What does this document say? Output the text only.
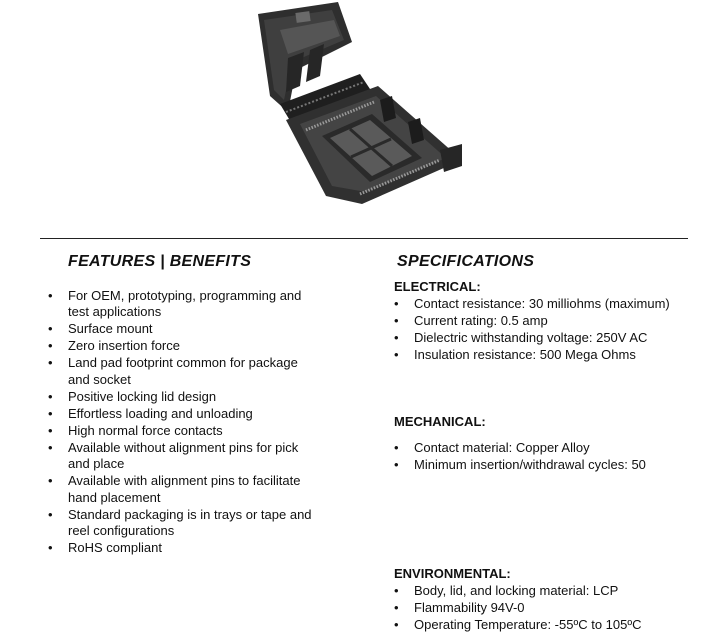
FEATURES | BENEFITS
• For OEM, prototyping, programming and test applications
• Surface mount
• Zero insertion force
• Land pad footprint common for package and socket
• Positive locking lid design
• Effortless loading and unloading
• High normal force contacts
• Available without alignment pins for pick and place
• Available with alignment pins to facilitate hand placement
• Standard packaging is in trays or tape and reel configurations
• RoHS compliant
SPECIFICATIONS
ELECTRICAL:
• Contact resistance: 30 milliohms (maximum)
• Current rating: 0.5 amp
• Dielectric withstanding voltage: 250V AC
• Insulation resistance: 500 Mega Ohms
MECHANICAL:
• Contact material: Copper Alloy
• Minimum insertion/withdrawal cycles: 50
ENVIRONMENTAL:
• Body, lid, and locking material: LCP
• Flammability 94V-0
• Operating Temperature: -55ºC to 105ºC
